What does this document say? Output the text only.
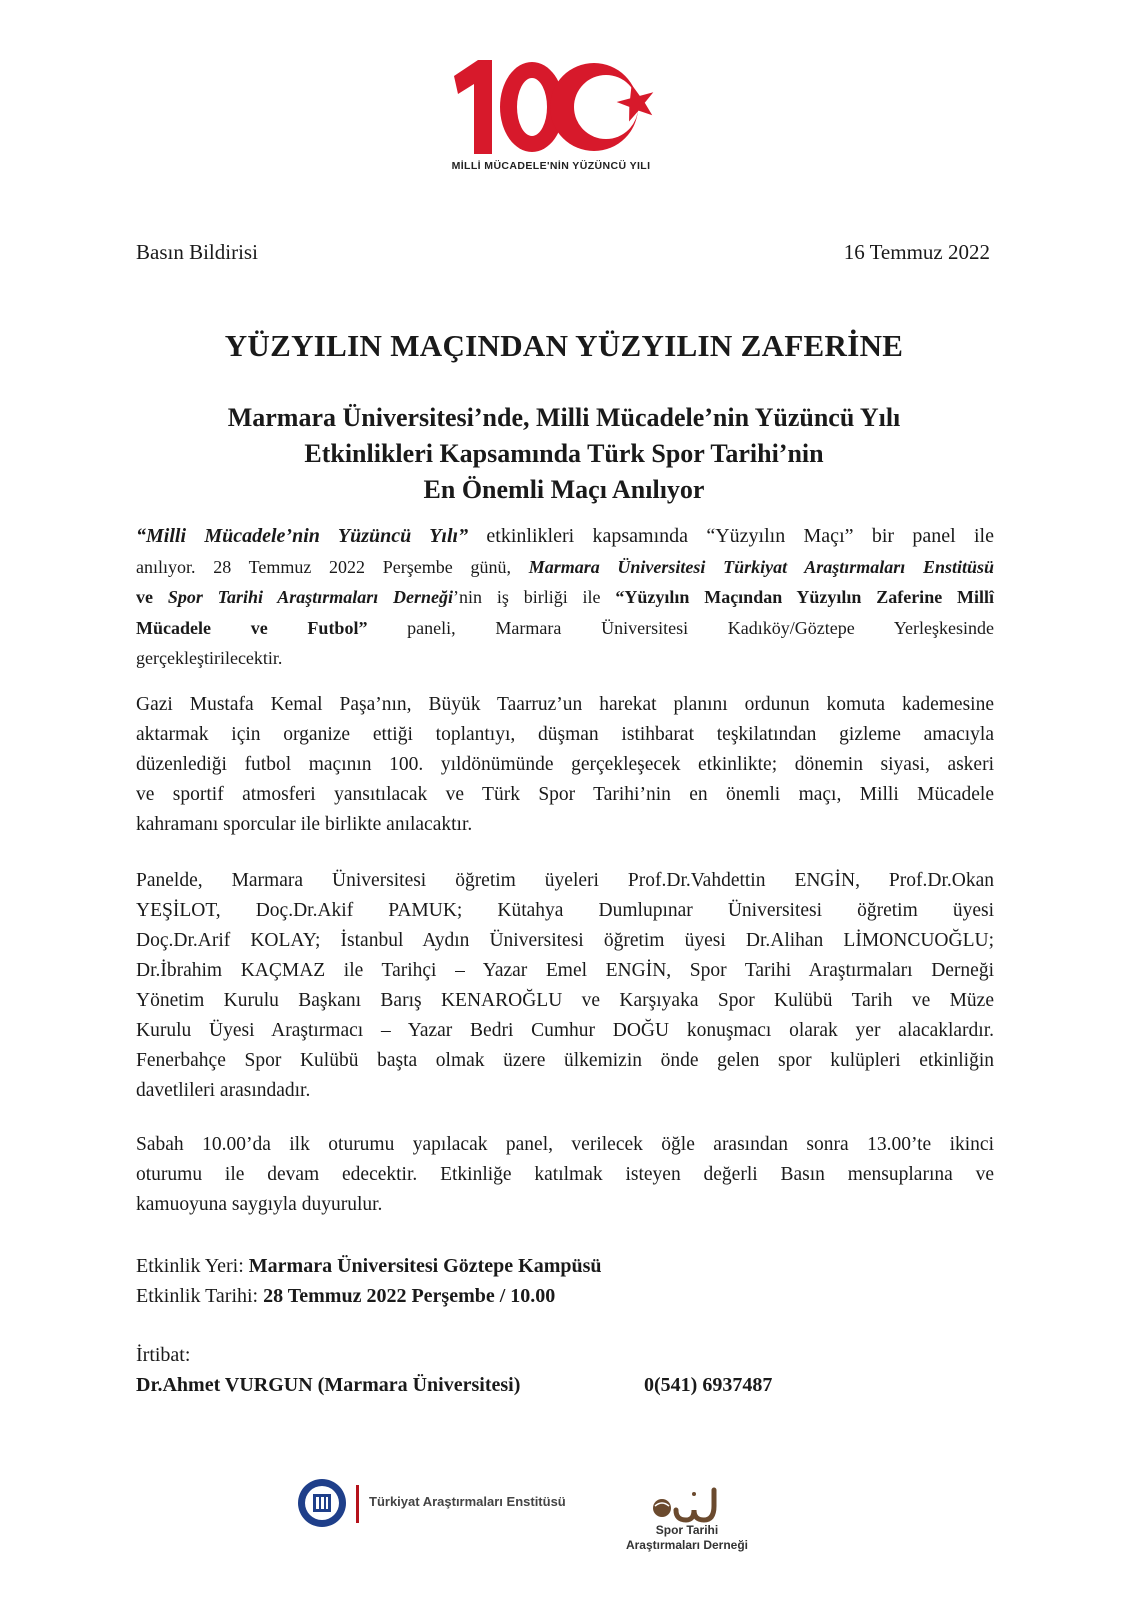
MİLLİ MÜCADELE'NİN YÜZÜNCÜ YILI
Basın Bildirisi	16 Temmuz 2022
YÜZYILIN MAÇINDAN YÜZYILIN ZAFERİNE
Marmara Üniversitesi’nde, Milli Mücadele’nin Yüzüncü Yılı
Etkinlikleri Kapsamında Türk Spor Tarihi’nin
En Önemli Maçı Anılıyor
“Milli Mücadele’nin Yüzüncü Yılı” etkinlikleri kapsamında “Yüzyılın Maçı” bir panel ile
anılıyor. 28 Temmuz 2022 Perşembe günü, Marmara Üniversitesi Türkiyat Araştırmaları Enstitüsü
ve Spor Tarihi Araştırmaları Derneği’nin iş birliği ile “Yüzyılın Maçından Yüzyılın Zaferine Millî
Mücadele ve Futbol” paneli, Marmara Üniversitesi Kadıköy/Göztepe Yerleşkesinde
gerçekleştirilecektir.
Gazi Mustafa Kemal Paşa’nın, Büyük Taarruz’un harekat planını ordunun komuta kademesine
aktarmak için organize ettiği toplantıyı, düşman istihbarat teşkilatından gizleme amacıyla
düzenlediği futbol maçının 100. yıldönümünde gerçekleşecek etkinlikte; dönemin siyasi, askeri
ve sportif atmosferi yansıtılacak ve Türk Spor Tarihi’nin en önemli maçı, Milli Mücadele
kahramanı sporcular ile birlikte anılacaktır.
Panelde, Marmara Üniversitesi öğretim üyeleri Prof.Dr.Vahdettin ENGİN, Prof.Dr.Okan
YEŞİLOT, Doç.Dr.Akif PAMUK; Kütahya Dumlupınar Üniversitesi öğretim üyesi
Doç.Dr.Arif KOLAY; İstanbul Aydın Üniversitesi öğretim üyesi Dr.Alihan LİMONCUOĞLU;
Dr.İbrahim KAÇMAZ ile Tarihçi – Yazar Emel ENGİN, Spor Tarihi Araştırmaları Derneği
Yönetim Kurulu Başkanı Barış KENAROĞLU ve Karşıyaka Spor Kulübü Tarih ve Müze
Kurulu Üyesi Araştırmacı – Yazar Bedri Cumhur DOĞU konuşmacı olarak yer alacaklardır.
Fenerbahçe Spor Kulübü başta olmak üzere ülkemizin önde gelen spor kulüpleri etkinliğin
davetlileri arasındadır.
Sabah 10.00’da ilk oturumu yapılacak panel, verilecek öğle arasından sonra 13.00’te ikinci
oturumu ile devam edecektir. Etkinliğe katılmak isteyen değerli Basın mensuplarına ve
kamuoyuna saygıyla duyurulur.
Etkinlik Yeri: Marmara Üniversitesi Göztepe Kampüsü
Etkinlik Tarihi: 28 Temmuz 2022 Perşembe / 10.00
İrtibat:
Dr.Ahmet VURGUN (Marmara Üniversitesi)	0(541) 6937487
Türkiyat Araştırmaları Enstitüsü
Spor Tarihi
Araştırmaları Derneği
